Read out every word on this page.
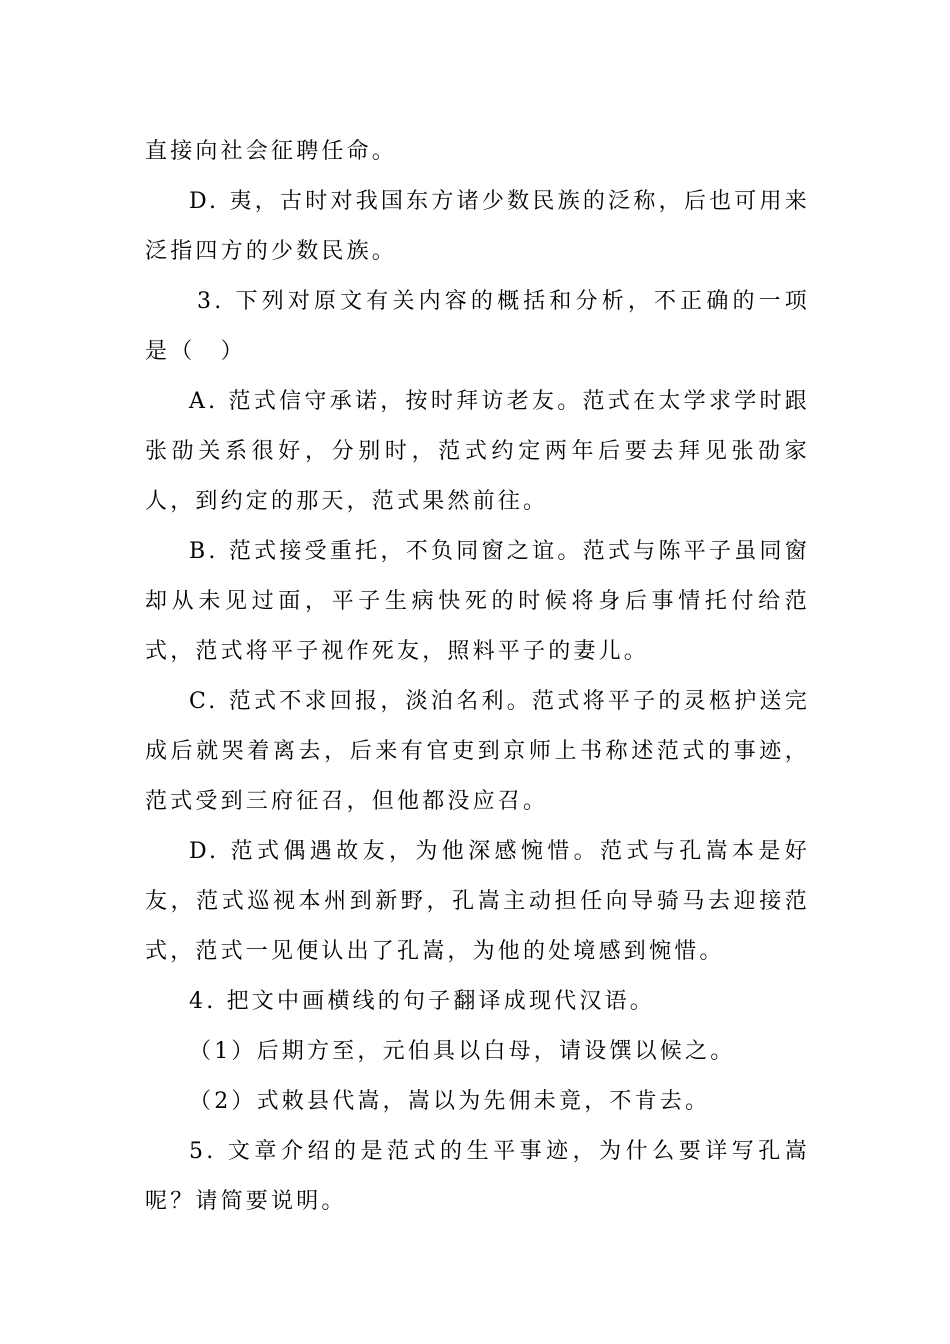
直接向社会征聘任命。

D. 夷，古时对我国东方诸少数民族的泛称，后也可用来泛指四方的少数民族。

3. 下列对原文有关内容的概括和分析，不正确的一项是（　）

A. 范式信守承诺，按时拜访老友。范式在太学求学时跟张劭关系很好，分别时，范式约定两年后要去拜见张劭家人，到约定的那天，范式果然前往。

B. 范式接受重托，不负同窗之谊。范式与陈平子虽同窗却从未见过面，平子生病快死的时候将身后事情托付给范式，范式将平子视作死友，照料平子的妻儿。

C. 范式不求回报，淡泊名利。范式将平子的灵柩护送完成后就哭着离去，后来有官吏到京师上书称述范式的事迹，范式受到三府征召，但他都没应召。

D. 范式偶遇故友，为他深感惋惜。范式与孔嵩本是好友，范式巡视本州到新野，孔嵩主动担任向导骑马去迎接范式，范式一见便认出了孔嵩，为他的处境感到惋惜。

4. 把文中画横线的句子翻译成现代汉语。

（1）后期方至，元伯具以白母，请设馔以候之。

（2）式敕县代嵩，嵩以为先佣未竟，不肯去。

5. 文章介绍的是范式的生平事迹，为什么要详写孔嵩呢？请简要说明。
